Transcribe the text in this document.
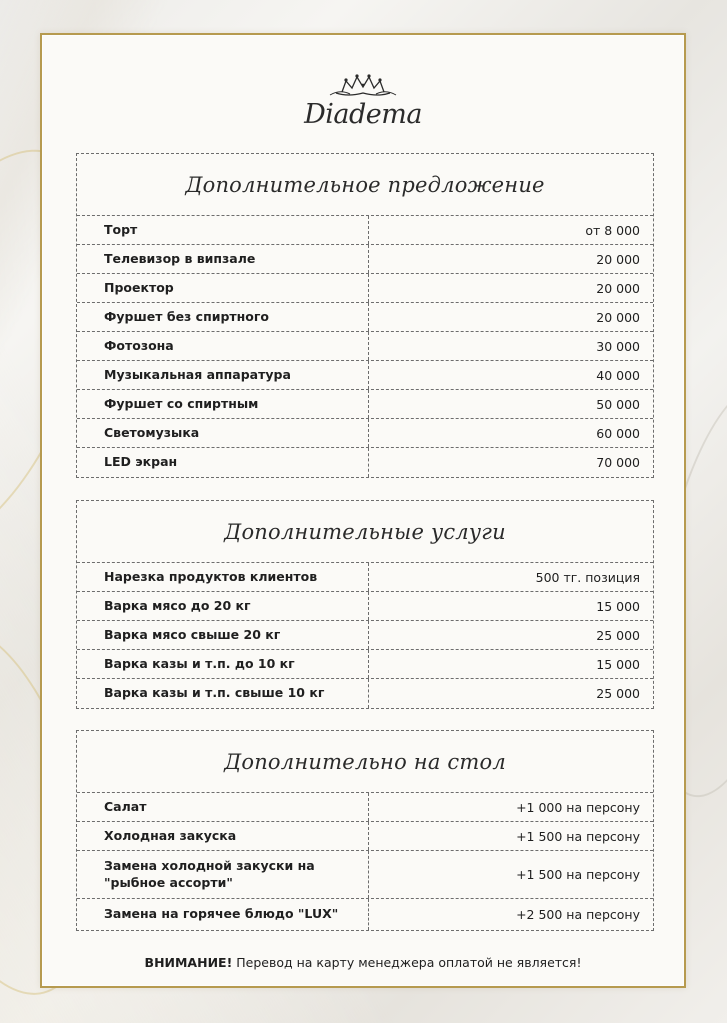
Diadema
Дополнительное предложение
Торт	от 8 000
Телевизор в випзале	20 000
Проектор	20 000
Фуршет без спиртного	20 000
Фотозона	30 000
Музыкальная аппаратура	40 000
Фуршет со спиртным	50 000
Светомузыка	60 000
LED экран	70 000
Дополнительные услуги
Нарезка продуктов клиентов	500 тг. позиция
Варка мясо до 20 кг	15 000
Варка мясо свыше 20 кг	25 000
Варка казы и т.п. до 10 кг	15 000
Варка казы и т.п. свыше 10 кг	25 000
Дополнительно на стол
Салат	+1 000 на персону
Холодная закуска	+1 500 на персону
Замена холодной закуски на "рыбное ассорти"	+1 500 на персону
Замена на горячее блюдо "LUX"	+2 500 на персону
ВНИМАНИЕ! Перевод на карту менеджера оплатой не является!
